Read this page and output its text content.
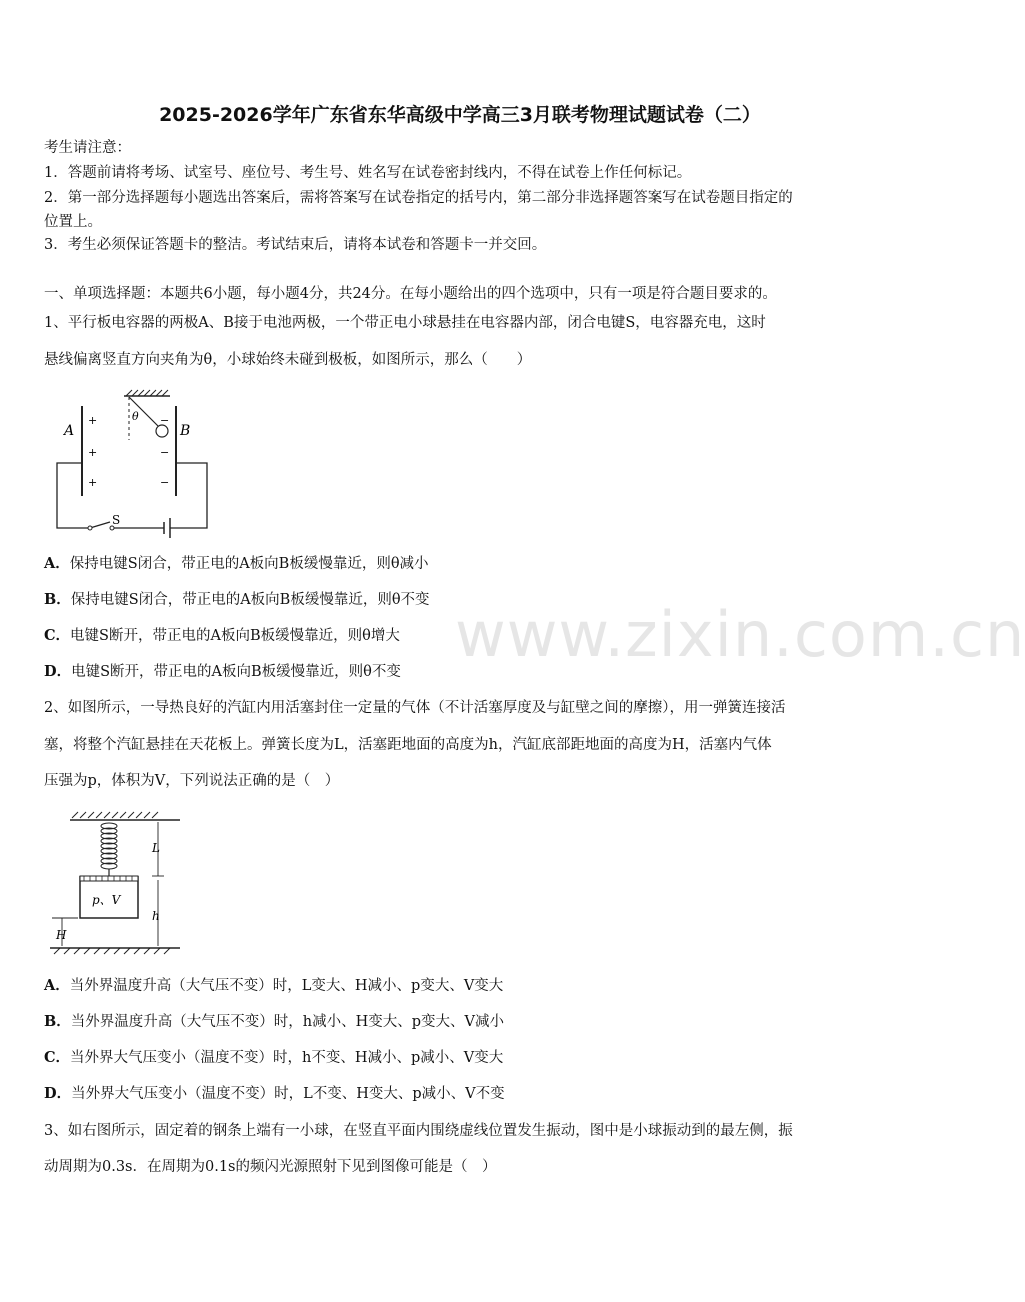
www.zixin.com.cn
2025-2026学年广东省东华高级中学高三3月联考物理试题试卷（二）
考生请注意：
1．答题前请将考场、试室号、座位号、考生号、姓名写在试卷密封线内，不得在试卷上作任何标记。
2．第一部分选择题每小题选出答案后，需将答案写在试卷指定的括号内，第二部分非选择题答案写在试卷题目指定的
位置上。
3．考生必须保证答题卡的整洁。考试结束后，请将本试卷和答题卡一并交回。
一、单项选择题：本题共6小题，每小题4分，共24分。在每小题给出的四个选项中，只有一项是符合题目要求的。
1、平行板电容器的两极A、B接于电池两极，一个带正电小球悬挂在电容器内部，闭合电键S，电容器充电，这时
悬线偏离竖直方向夹角为θ，小球始终未碰到极板，如图所示，那么（　　）
A	B
θ
S
+
+
+
−
−
−
A．保持电键S闭合，带正电的A板向B板缓慢靠近，则θ减小
B．保持电键S闭合，带正电的A板向B板缓慢靠近，则θ不变
C．电键S断开，带正电的A板向B板缓慢靠近，则θ增大
D．电键S断开，带正电的A板向B板缓慢靠近，则θ不变
2、如图所示，一导热良好的汽缸内用活塞封住一定量的气体（不计活塞厚度及与缸壁之间的摩擦），用一弹簧连接活
塞，将整个汽缸悬挂在天花板上。弹簧长度为L，活塞距地面的高度为h，汽缸底部距地面的高度为H，活塞内气体
压强为p，体积为V，下列说法正确的是（　）
p、V
L
h
H
A．当外界温度升高（大气压不变）时，L变大、H减小、p变大、V变大
B．当外界温度升高（大气压不变）时，h减小、H变大、p变大、V减小
C．当外界大气压变小（温度不变）时，h不变、H减小、p减小、V变大
D．当外界大气压变小（温度不变）时，L不变、H变大、p减小、V不变
3、如右图所示，固定着的钢条上端有一小球，在竖直平面内围绕虚线位置发生振动，图中是小球振动到的最左侧，振
动周期为0.3s．在周期为0.1s的频闪光源照射下见到图像可能是（　）
